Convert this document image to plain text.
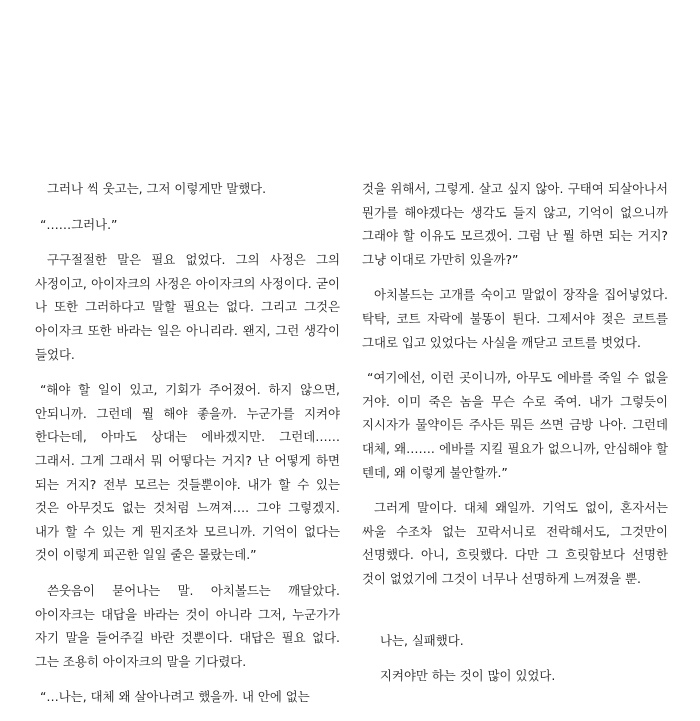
그러나 씩 웃고는, 그저 이렇게만 말했다.

“……그러나.”

구구절절한 말은 필요 없었다. 그의 사정은 그의 사정이고, 아이자크의 사정은 아이자크의 사정이다. 굳이 나 또한 그러하다고 말할 필요는 없다. 그리고 그것은 아이자크 또한 바라는 일은 아니리라. 왠지, 그런 생각이 들었다.

“해야 할 일이 있고, 기회가 주어졌어. 하지 않으면, 안되니까. 그런데 뭘 해야 좋을까. 누군가를 지켜야 한다는데, 아마도 상대는 에바겠지만. 그런데…… 그래서. 그게 그래서 뭐 어떻다는 거지? 난 어떻게 하면 되는 거지? 전부 모르는 것들뿐이야. 내가 할 수 있는 것은 아무것도 없는 것처럼 느껴져…. 그야 그렇겠지. 내가 할 수 있는 게 뭔지조차 모르니까. 기억이 없다는 것이 이렇게 피곤한 일일 줄은 몰랐는데.”

쓴웃음이 묻어나는 말. 아치볼드는 깨달았다. 아이자크는 대답을 바라는 것이 아니라 그저, 누군가가 자기 말을 들어주길 바란 것뿐이다. 대답은 필요 없다. 그는 조용히 아이자크의 말을 기다렸다.

“…나는, 대체 왜 살아나려고 했을까. 내 안에 없는

것을 위해서, 그렇게. 살고 싶지 않아. 구태여 되살아나서 뭔가를 해야겠다는 생각도 들지 않고, 기억이 없으니까 그래야 할 이유도 모르겠어. 그럼 난 뭘 하면 되는 거지? 그냥 이대로 가만히 있을까?”

아치볼드는 고개를 숙이고 말없이 장작을 집어넣었다. 탁탁, 코트 자락에 불똥이 튄다. 그제서야 젖은 코트를 그대로 입고 있었다는 사실을 깨닫고 코트를 벗었다.

“여기에선, 이런 곳이니까, 아무도 에바를 죽일 수 없을 거야. 이미 죽은 놈을 무슨 수로 죽여. 내가 그렇듯이 지시자가 물약이든 주사든 뭐든 쓰면 금방 나아. 그런데 대체, 왜……. 에바를 지킬 필요가 없으니까, 안심해야 할 텐데, 왜 이렇게 불안할까.”

그러게 말이다. 대체 왜일까. 기억도 없이, 혼자서는 싸울 수조차 없는 꼬락서니로 전락해서도, 그것만이 선명했다. 아니, 흐릿했다. 다만 그 흐릿함보다 선명한 것이 없었기에 그것이 너무나 선명하게 느껴졌을 뿐.

나는, 실패했다.

지켜야만 하는 것이 많이 있었다.
